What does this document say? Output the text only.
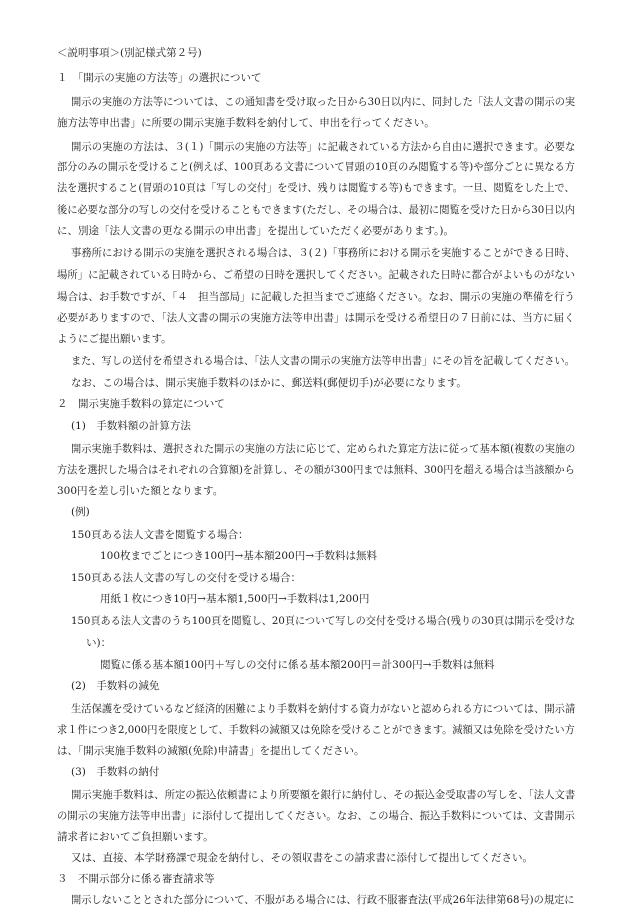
＜説明事項＞(別記様式第２号)
１　「開示の実施の方法等」の選択について
開示の実施の方法等については、この通知書を受け取った日から30日以内に、同封した「法人文書の開示の実
施方法等申出書」に所要の開示実施手数料を納付して、申出を行ってください。
開示の実施の方法は、３(１)「開示の実施の方法等」に記載されている方法から自由に選択できます。必要な
部分のみの開示を受けること(例えば、100頁ある文書について冒頭の10頁のみ閲覧する等)や部分ごとに異なる方
法を選択すること(冒頭の10頁は「写しの交付」を受け、残りは閲覧する等)もできます。一旦、閲覧をした上で、
後に必要な部分の写しの交付を受けることもできます(ただし、その場合は、最初に閲覧を受けた日から30日以内
に、別途「法人文書の更なる開示の申出書」を提出していただく必要があります。)。
事務所における開示の実施を選択される場合は、３(２)「事務所における開示を実施することができる日時、
場所」に記載されている日時から、ご希望の日時を選択してください。記載された日時に都合がよいものがない
場合は、お手数ですが、「４　担当部局」に記載した担当までご連絡ください。なお、開示の実施の準備を行う
必要がありますので、「法人文書の開示の実施方法等申出書」は開示を受ける希望日の７日前には、当方に届く
ようにご提出願います。
また、写しの送付を希望される場合は、「法人文書の開示の実施方法等申出書」にその旨を記載してください。
なお、この場合は、開示実施手数料のほかに、郵送料(郵便切手)が必要になります。
２　開示実施手数料の算定について
(1)　手数料額の計算方法
開示実施手数料は、選択された開示の実施の方法に応じて、定められた算定方法に従って基本額(複数の実施の
方法を選択した場合はそれぞれの合算額)を計算し、その額が300円までは無料、300円を超える場合は当該額から
300円を差し引いた額となります。
(例)
150頁ある法人文書を閲覧する場合：
100枚までごとにつき100円→基本額200円→手数料は無料
150頁ある法人文書の写しの交付を受ける場合：
用紙１枚につき10円→基本額1,500円→手数料は1,200円
150頁ある法人文書のうち100頁を閲覧し、20頁について写しの交付を受ける場合(残りの30頁は開示を受けな
い)：
閲覧に係る基本額100円＋写しの交付に係る基本額200円＝計300円→手数料は無料
(2)　手数料の減免
生活保護を受けているなど経済的困難により手数料を納付する資力がないと認められる方については、開示請
求１件につき2,000円を限度として、手数料の減額又は免除を受けることができます。減額又は免除を受けたい方
は、「開示実施手数料の減額(免除)申請書」を提出してください。
(3)　手数料の納付
開示実施手数料は、所定の振込依頼書により所要額を銀行に納付し、その振込金受取書の写しを、「法人文書
の開示の実施方法等申出書」に添付して提出してください。なお、この場合、振込手数料については、文書開示
請求者においてご負担願います。
又は、直接、本学財務課で現金を納付し、その領収書をこの請求書に添付して提出してください。
３　不開示部分に係る審査請求等
開示しないこととされた部分について、不服がある場合には、行政不服審査法(平成26年法律第68号)の規定に
